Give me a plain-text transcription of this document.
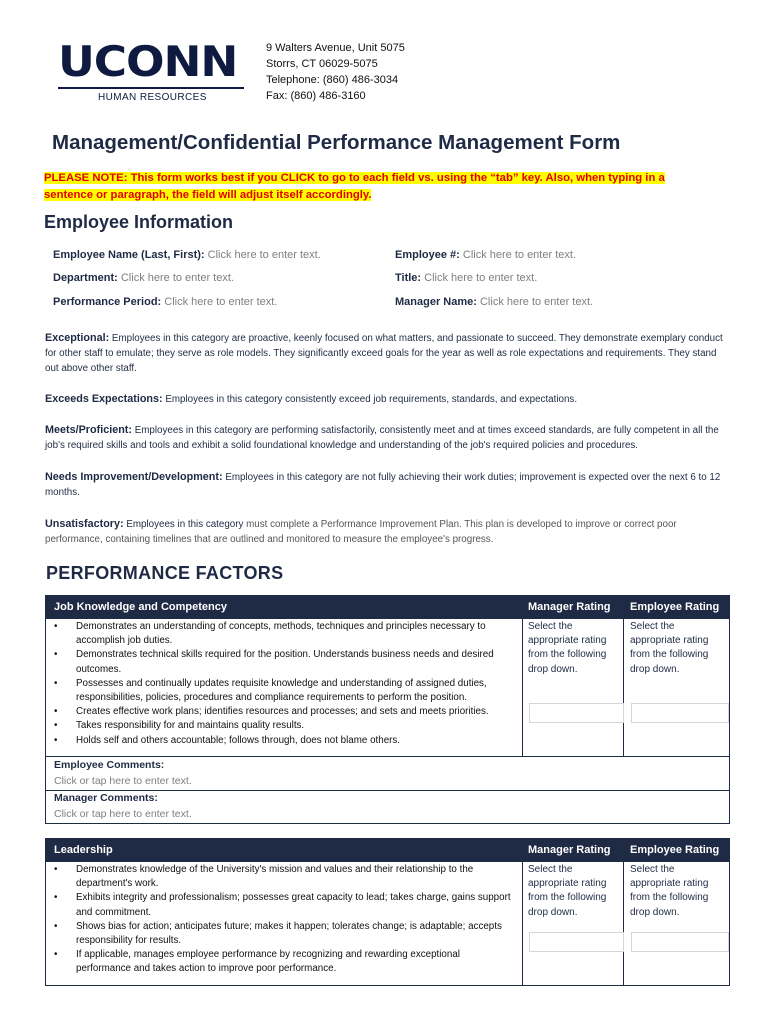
UCONN
HUMAN RESOURCES
9 Walters Avenue, Unit 5075
Storrs, CT 06029-5075
Telephone: (860) 486-3034
Fax: (860) 486-3160
Management/Confidential Performance Management Form
PLEASE NOTE: This form works best if you CLICK to go to each field vs. using the “tab” key. Also, when typing in a sentence or paragraph, the field will adjust itself accordingly.
Employee Information
Employee Name (Last, First): Click here to enter text.	Employee #: Click here to enter text.
Department: Click here to enter text.	Title: Click here to enter text.
Performance Period: Click here to enter text.	Manager Name: Click here to enter text.
Exceptional: Employees in this category are proactive, keenly focused on what matters, and passionate to succeed. They demonstrate exemplary conduct for other staff to emulate; they serve as role models. They significantly exceed goals for the year as well as role expectations and requirements. They stand out above other staff.
Exceeds Expectations: Employees in this category consistently exceed job requirements, standards, and expectations.
Meets/Proficient: Employees in this category are performing satisfactorily, consistently meet and at times exceed standards, are fully competent in all the job's required skills and tools and exhibit a solid foundational knowledge and understanding of the job's required policies and procedures.
Needs Improvement/Development: Employees in this category are not fully achieving their work duties; improvement is expected over the next 6 to 12 months.
Unsatisfactory: Employees in this category must complete a Performance Improvement Plan. This plan is developed to improve or correct poor performance, containing timelines that are outlined and monitored to measure the employee's progress.
PERFORMANCE FACTORS
Job Knowledge and Competency	Manager Rating Employee Rating
• Demonstrates an understanding of concepts, methods, techniques and principles necessary to accomplish job duties.
• Demonstrates technical skills required for the position. Understands business needs and desired outcomes.
• Possesses and continually updates requisite knowledge and understanding of assigned duties, responsibilities, policies, procedures and compliance requirements to perform the position.
• Creates effective work plans; identifies resources and processes; and sets and meets priorities.
• Takes responsibility for and maintains quality results.
• Holds self and others accountable; follows through, does not blame others.
Select the appropriate rating from the following drop down.
Select the appropriate rating from the following drop down.
Employee Comments:
Click or tap here to enter text.
Manager Comments:
Click or tap here to enter text.
Leadership	Manager Rating Employee Rating
• Demonstrates knowledge of the University's mission and values and their relationship to the department's work.
• Exhibits integrity and professionalism; possesses great capacity to lead; takes charge, gains support and commitment.
• Shows bias for action; anticipates future; makes it happen; tolerates change; is adaptable; accepts responsibility for results.
• If applicable, manages employee performance by recognizing and rewarding exceptional performance and takes action to improve poor performance.
Select the appropriate rating from the following drop down.
Select the appropriate rating from the following drop down.
